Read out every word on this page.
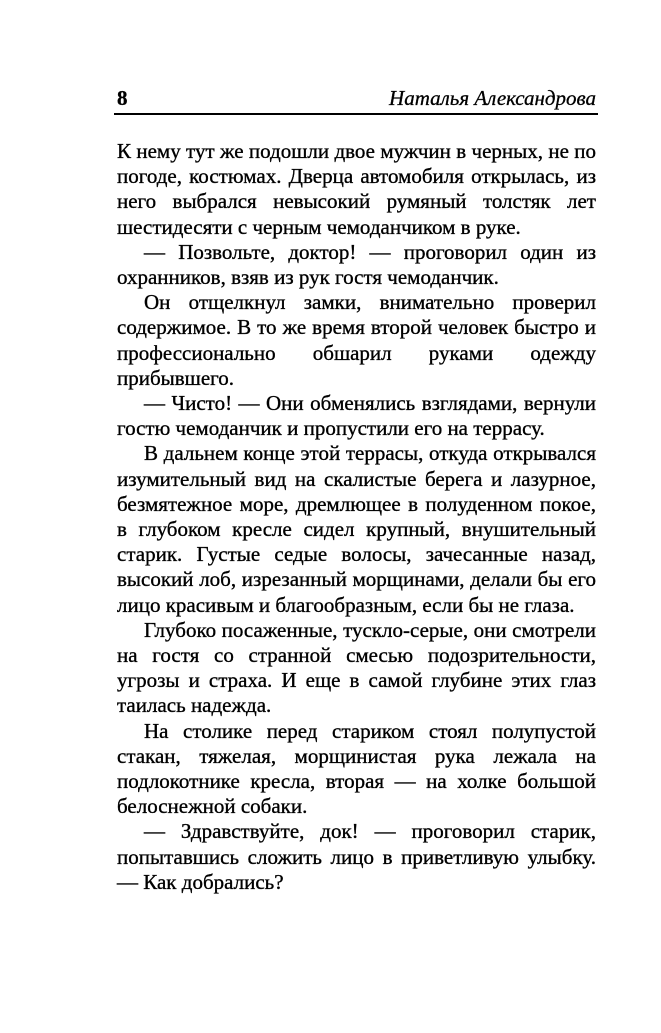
8	Наталья Александрова

К нему тут же подошли двое мужчин в черных, не по погоде, костюмах. Дверца автомобиля открылась, из него выбрался невысокий румяный толстяк лет шестидесяти с черным чемоданчиком в руке.

— Позвольте, доктор! — проговорил один из охранников, взяв из рук гостя чемоданчик.

Он отщелкнул замки, внимательно проверил содержимое. В то же время второй человек быстро и профессионально обшарил руками одежду прибывшего.

— Чисто! — Они обменялись взглядами, вернули гостю чемоданчик и пропустили его на террасу.

В дальнем конце этой террасы, откуда открывался изумительный вид на скалистые берега и лазурное, безмятежное море, дремлющее в полуденном покое, в глубоком кресле сидел крупный, внушительный старик. Густые седые волосы, зачесанные назад, высокий лоб, изрезанный морщинами, делали бы его лицо красивым и благообразным, если бы не глаза.

Глубоко посаженные, тускло-серые, они смотрели на гостя со странной смесью подозрительности, угрозы и страха. И еще в самой глубине этих глаз таилась надежда.

На столике перед стариком стоял полупустой стакан, тяжелая, морщинистая рука лежала на подлокотнике кресла, вторая — на холке большой белоснежной собаки.

— Здравствуйте, док! — проговорил старик, попытавшись сложить лицо в приветливую улыбку. — Как добрались?
